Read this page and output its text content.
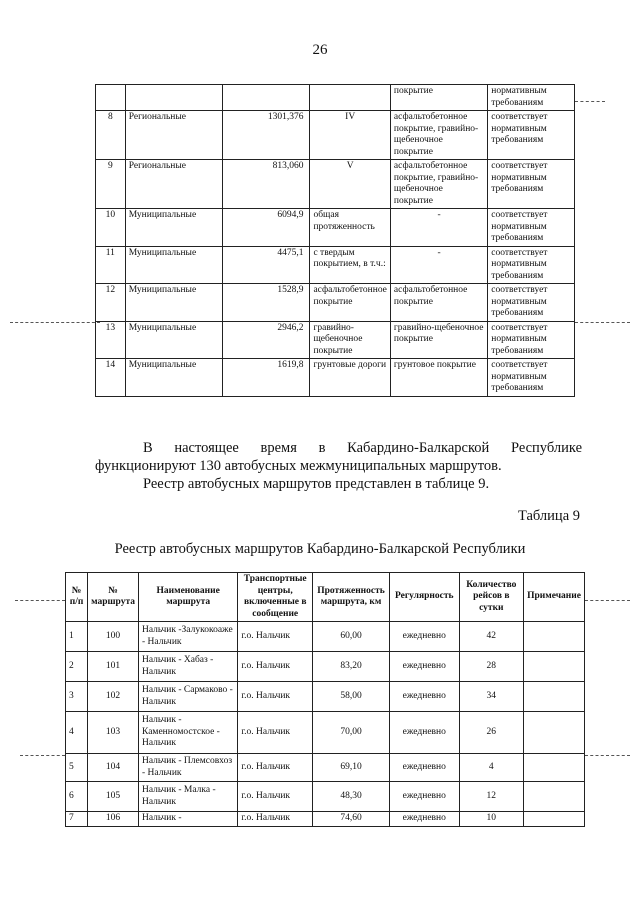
26
				покрытие	нормативным требованиям
8	Региональные	1301,376	IV	асфальтобетонное покрытие, гравийно-щебеночное покрытие	соответствует нормативным требованиям
9	Региональные	813,060	V	асфальтобетонное покрытие, гравийно-щебеночное покрытие	соответствует нормативным требованиям
10	Муниципальные	6094,9	общая протяженность	-	соответствует нормативным требованиям
11	Муниципальные	4475,1	с твердым покрытием, в т.ч.:	-	соответствует нормативным требованиям
12	Муниципальные	1528,9	асфальтобетонное покрытие	асфальтобетонное покрытие	соответствует нормативным требованиям
13	Муниципальные	2946,2	гравийно-щебеночное покрытие	гравийно-щебеночное покрытие	соответствует нормативным требованиям
14	Муниципальные	1619,8	грунтовые дороги	грунтовое покрытие	соответствует нормативным требованиям
В настоящее время в Кабардино-Балкарской Республике
функционируют 130 автобусных межмуниципальных маршрутов.
Реестр автобусных маршрутов представлен в таблице 9.
Таблица 9
Реестр автобусных маршрутов Кабардино-Балкарской Республики
№ п/п	№ маршрута	Наименование маршрута	Транспортные центры, включенные в сообщение	Протяженность маршрута, км	Регулярность	Количество рейсов в сутки	Примечание
1	100	Нальчик -Залукокоаже - Нальчик	г.о. Нальчик	60,00	ежедневно	42	
2	101	Нальчик - Хабаз - Нальчик	г.о. Нальчик	83,20	ежедневно	28	
3	102	Нальчик - Сармаково - Нальчик	г.о. Нальчик	58,00	ежедневно	34	
4	103	Нальчик - Каменномостское - Нальчик	г.о. Нальчик	70,00	ежедневно	26	
5	104	Нальчик - Племсовхоз - Нальчик	г.о. Нальчик	69,10	ежедневно	4	
6	105	Нальчик - Малка - Нальчик	г.о. Нальчик	48,30	ежедневно	12	
7	106	Нальчик -	г.о. Нальчик	74,60	ежедневно	10	
